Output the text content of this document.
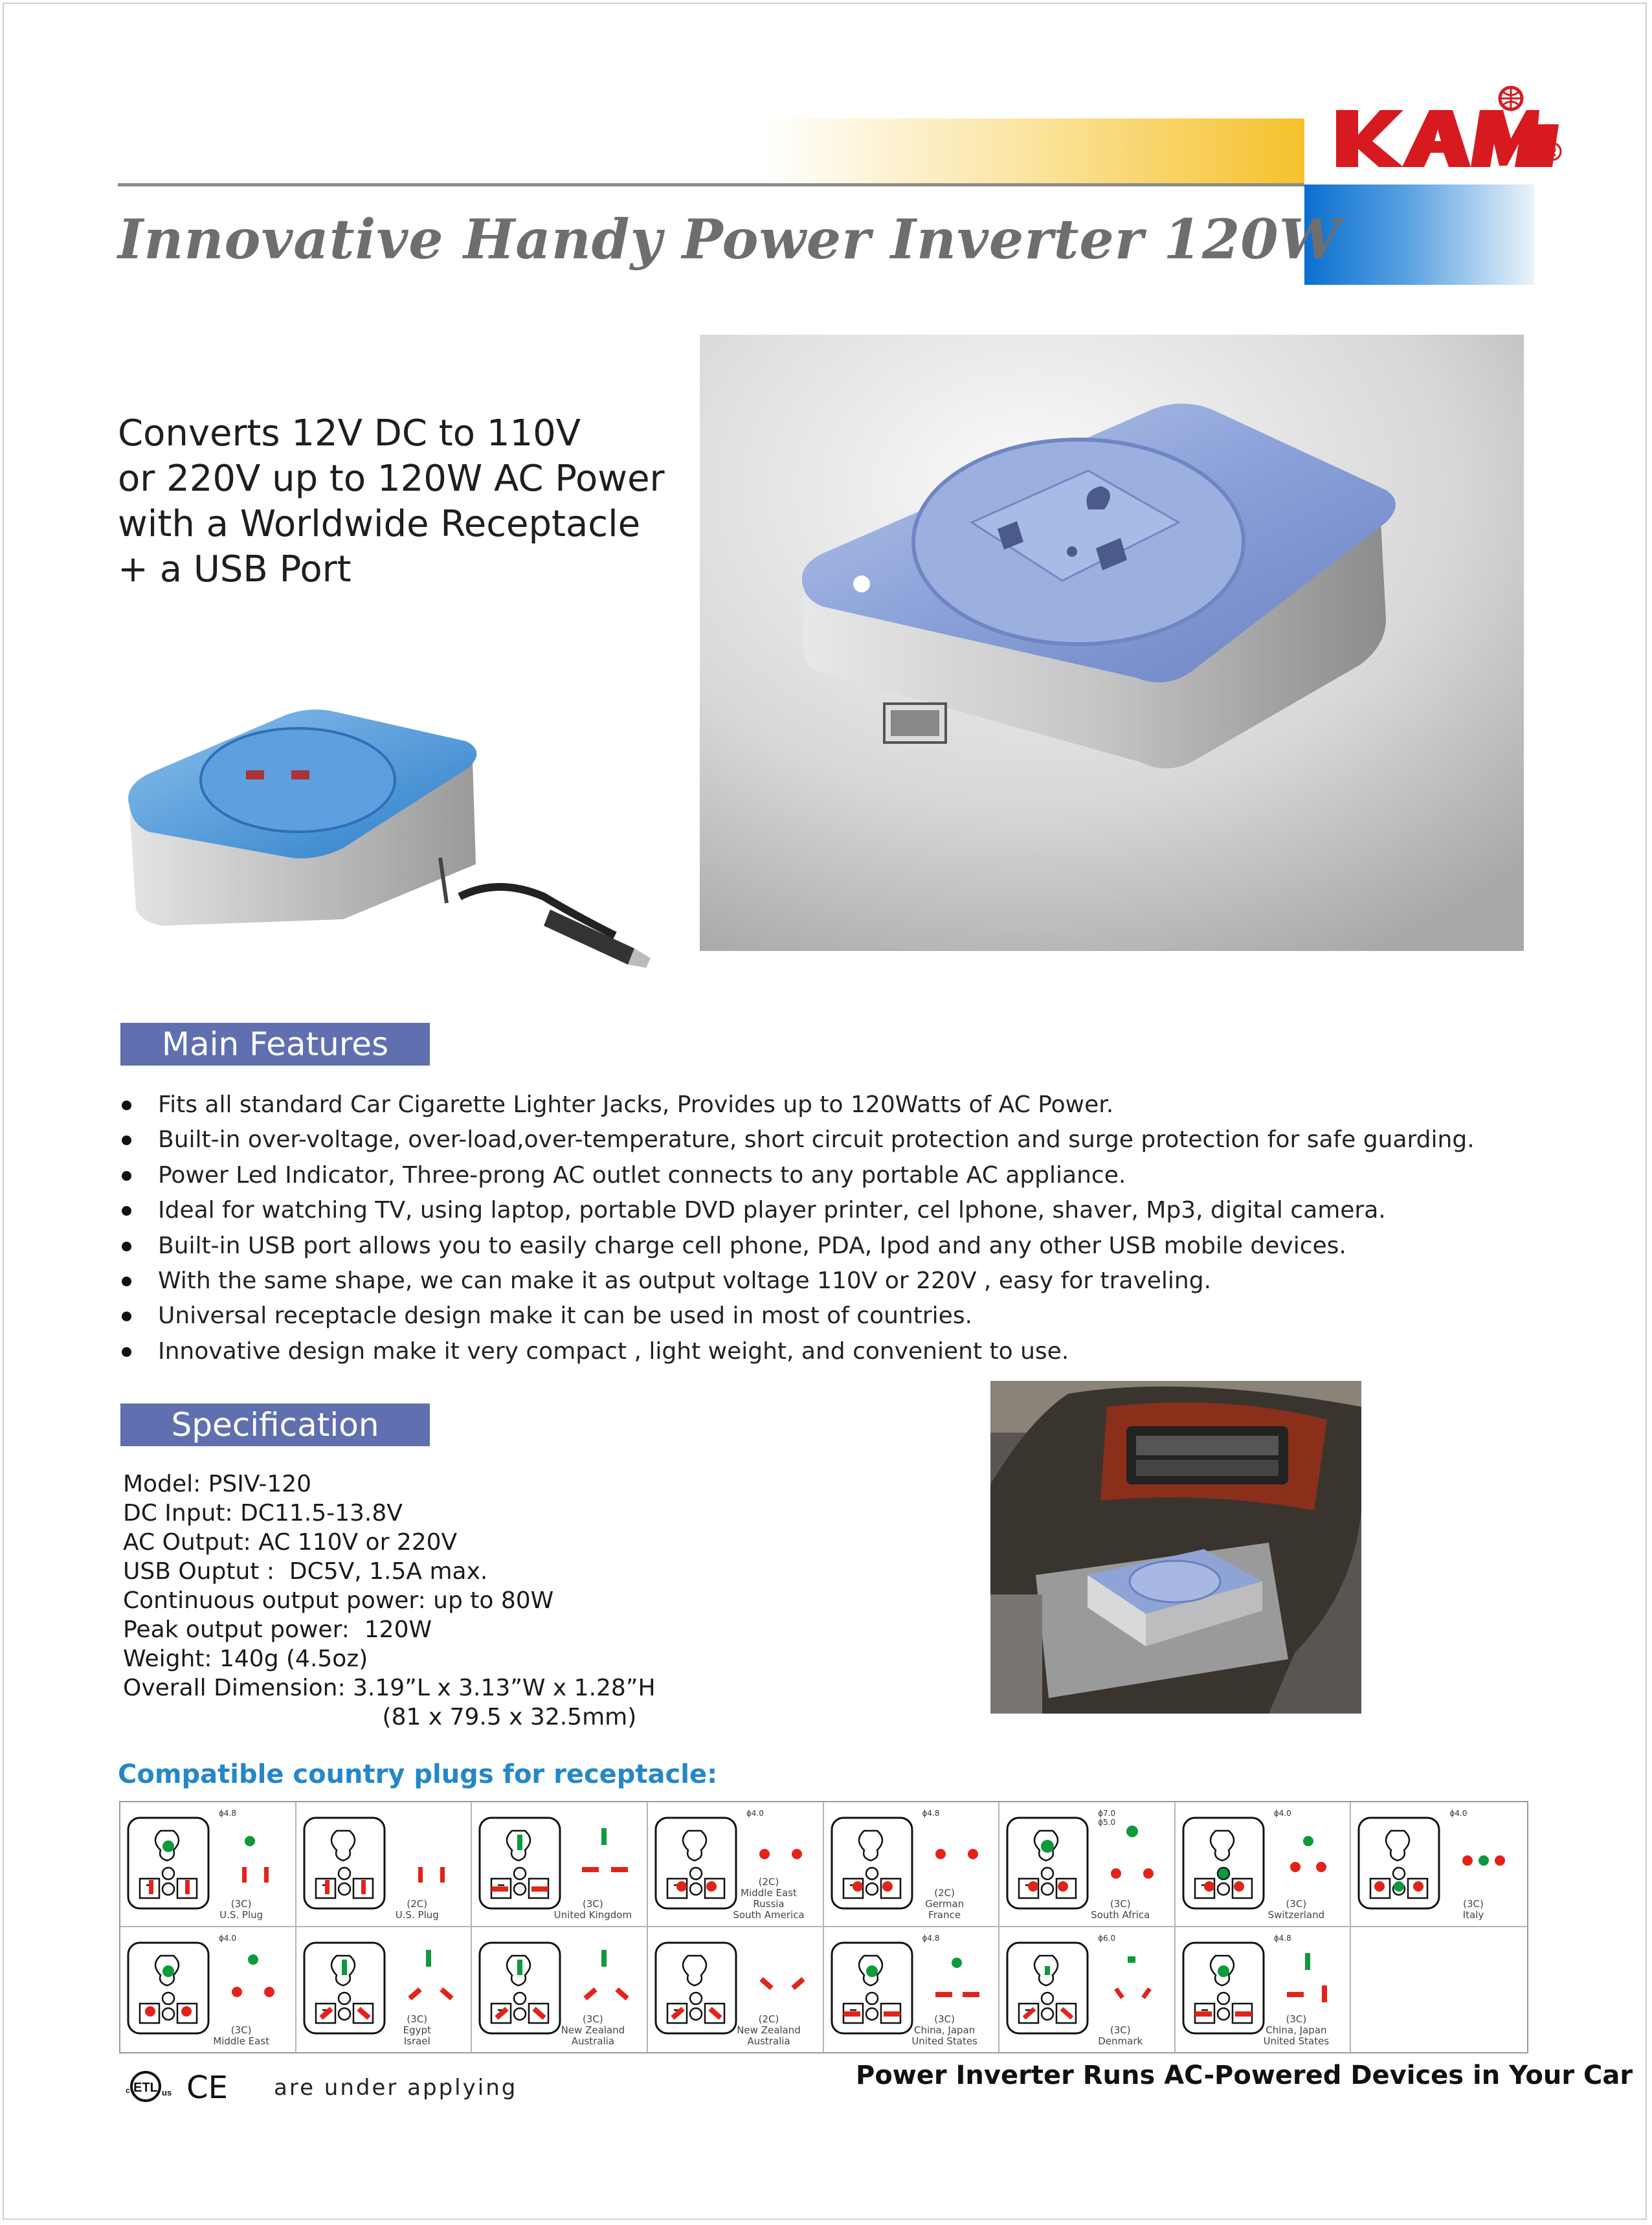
R
Innovative Handy Power Inverter 120W
Converts 12V DC to 110V
or 220V up to 120W AC Power
with a Worldwide Receptacle
+ a USB Port
Main Features
Fits all standard Car Cigarette Lighter Jacks, Provides up to 120Watts of AC Power.
Built-in over-voltage, over-load,over-temperature, short circuit protection and surge protection for safe guarding.
Power Led Indicator, Three-prong AC outlet connects to any portable AC appliance.
Ideal for watching TV, using laptop, portable DVD player printer, cel lphone, shaver, Mp3, digital camera.
Built-in USB port allows you to easily charge cell phone, PDA, Ipod and any other USB mobile devices.
With the same shape, we can make it as output voltage 110V or 220V , easy for traveling.
Universal receptacle design make it can be used in most of countries.
Innovative design make it very compact , light weight, and convenient to use.
Specification
Model: PSIV-120
DC Input: DC11.5-13.8V
AC Output: AC 110V or 220V
USB Ouptut :  DC5V, 1.5A max.
Continuous output power: up to 80W
Peak output power:  120W
Weight: 140g (4.5oz)
Overall Dimension: 3.19”L x 3.13”W x 1.28”H
(81 x 79.5 x 32.5mm)
Compatible country plugs for receptacle:
ϕ4.8
(3C)
U.S. Plug
(2C)
U.S. Plug
(3C)
United Kingdom
ϕ4.0
(2C)
Middle East
Russia
South America
ϕ4.8
(2C)
German
France
ϕ7.0
ϕ5.0
(3C)
South Africa
ϕ4.0
(3C)
Switzerland
ϕ4.0
(3C)
Italy
ϕ4.0
(3C)
Middle East
(3C)
Egypt
Israel
(3C)
New Zealand
Australia
(2C)
New Zealand
Australia
ϕ4.8
(3C)
China, Japan
United States
ϕ6.0
(3C)
Denmark
ϕ4.8
(3C)
China, Japan
United States
ETL
c	us CE are under applying	Power Inverter Runs AC-Powered Devices in Your Car
